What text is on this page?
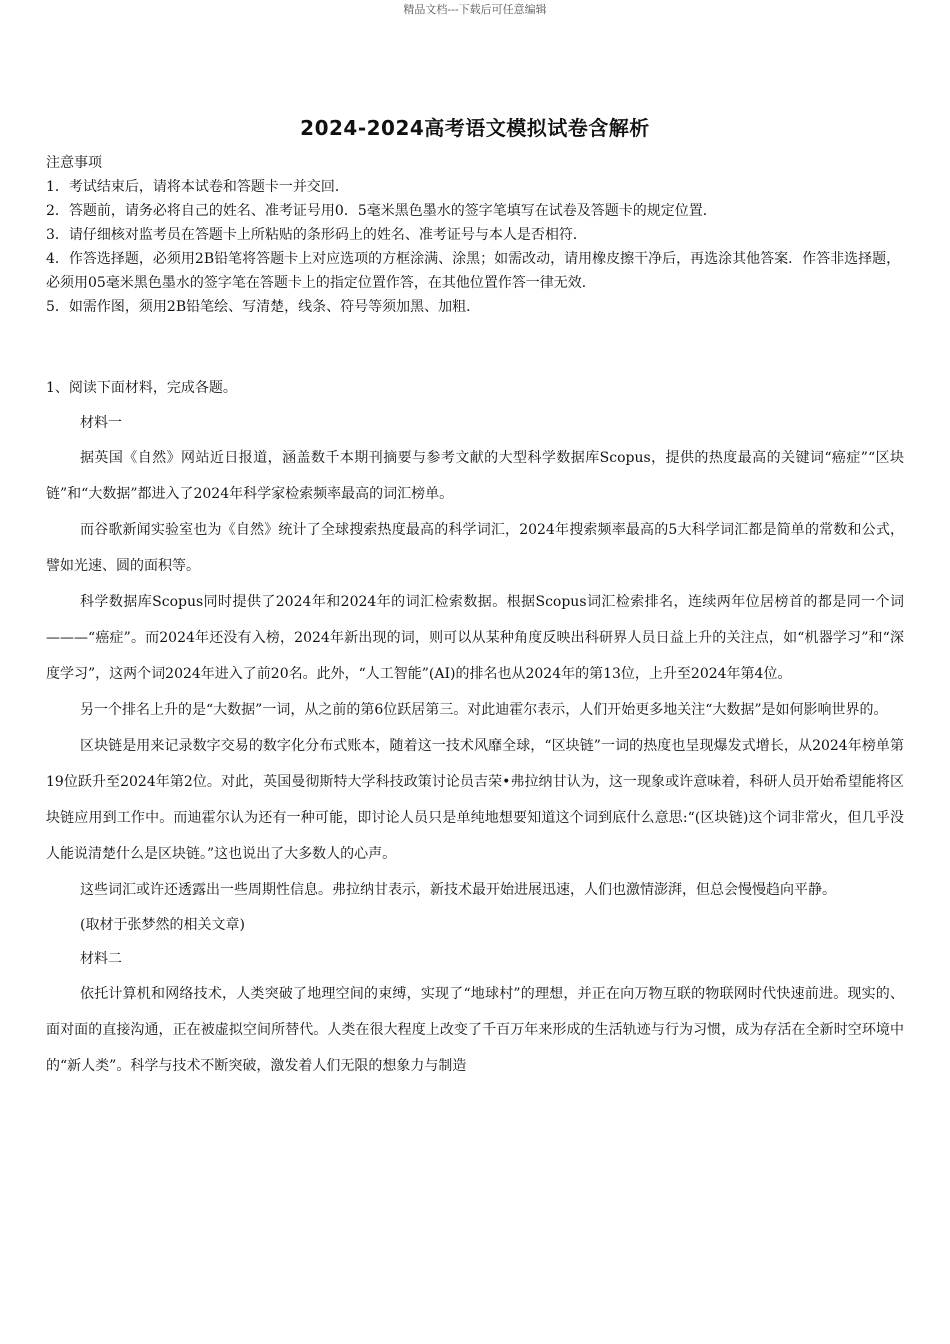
精品文档---下载后可任意编辑
2024-2024高考语文模拟试卷含解析
注意事项
1．考试结束后，请将本试卷和答题卡一并交回．
2．答题前，请务必将自己的姓名、准考证号用0．5毫米黑色墨水的签字笔填写在试卷及答题卡的规定位置．
3．请仔细核对监考员在答题卡上所粘贴的条形码上的姓名、准考证号与本人是否相符．
4．作答选择题，必须用2B铅笔将答题卡上对应选项的方框涂满、涂黑；如需改动，请用橡皮擦干净后，再选涂其他答案．作答非选择题，必须用05毫米黑色墨水的签字笔在答题卡上的指定位置作答，在其他位置作答一律无效．
5．如需作图，须用2B铅笔绘、写清楚，线条、符号等须加黑、加粗．
1、阅读下面材料，完成各题。

材料一

据英国《自然》网站近日报道，涵盖数千本期刊摘要与参考文献的大型科学数据库Scopus，提供的热度最高的关键词“癌症”“区块链”和“大数据”都进入了2024年科学家检索频率最高的词汇榜单。

而谷歌新闻实验室也为《自然》统计了全球搜索热度最高的科学词汇，2024年搜索频率最高的5大科学词汇都是简单的常数和公式，譬如光速、圆的面积等。

科学数据库Scopus同时提供了2024年和2024年的词汇检索数据。根据Scopus词汇检索排名，连续两年位居榜首的都是同一个词———“癌症”。而2024年还没有入榜，2024年新出现的词，则可以从某种角度反映出科研界人员日益上升的关注点，如“机器学习”和“深度学习”，这两个词2024年进入了前20名。此外，“人工智能”(AI)的排名也从2024年的第13位，上升至2024年第4位。

另一个排名上升的是“大数据”一词，从之前的第6位跃居第三。对此迪霍尔表示，人们开始更多地关注“大数据”是如何影响世界的。

区块链是用来记录数字交易的数字化分布式账本，随着这一技术风靡全球，“区块链”一词的热度也呈现爆发式增长，从2024年榜单第19位跃升至2024年第2位。对此，英国曼彻斯特大学科技政策讨论员吉荣•弗拉纳甘认为，这一现象或许意味着，科研人员开始希望能将区块链应用到工作中。而迪霍尔认为还有一种可能，即讨论人员只是单纯地想要知道这个词到底什么意思:“(区块链)这个词非常火，但几乎没人能说清楚什么是区块链。”这也说出了大多数人的心声。

这些词汇或许还透露出一些周期性信息。弗拉纳甘表示，新技术最开始进展迅速，人们也激情澎湃，但总会慢慢趋向平静。

(取材于张梦然的相关文章)

材料二

依托计算机和网络技术，人类突破了地理空间的束缚，实现了“地球村”的理想，并正在向万物互联的物联网时代快速前进。现实的、面对面的直接沟通，正在被虚拟空间所替代。人类在很大程度上改变了千百万年来形成的生活轨迹与行为习惯，成为存活在全新时空环境中的“新人类”。科学与技术不断突破，激发着人们无限的想象力与制造
